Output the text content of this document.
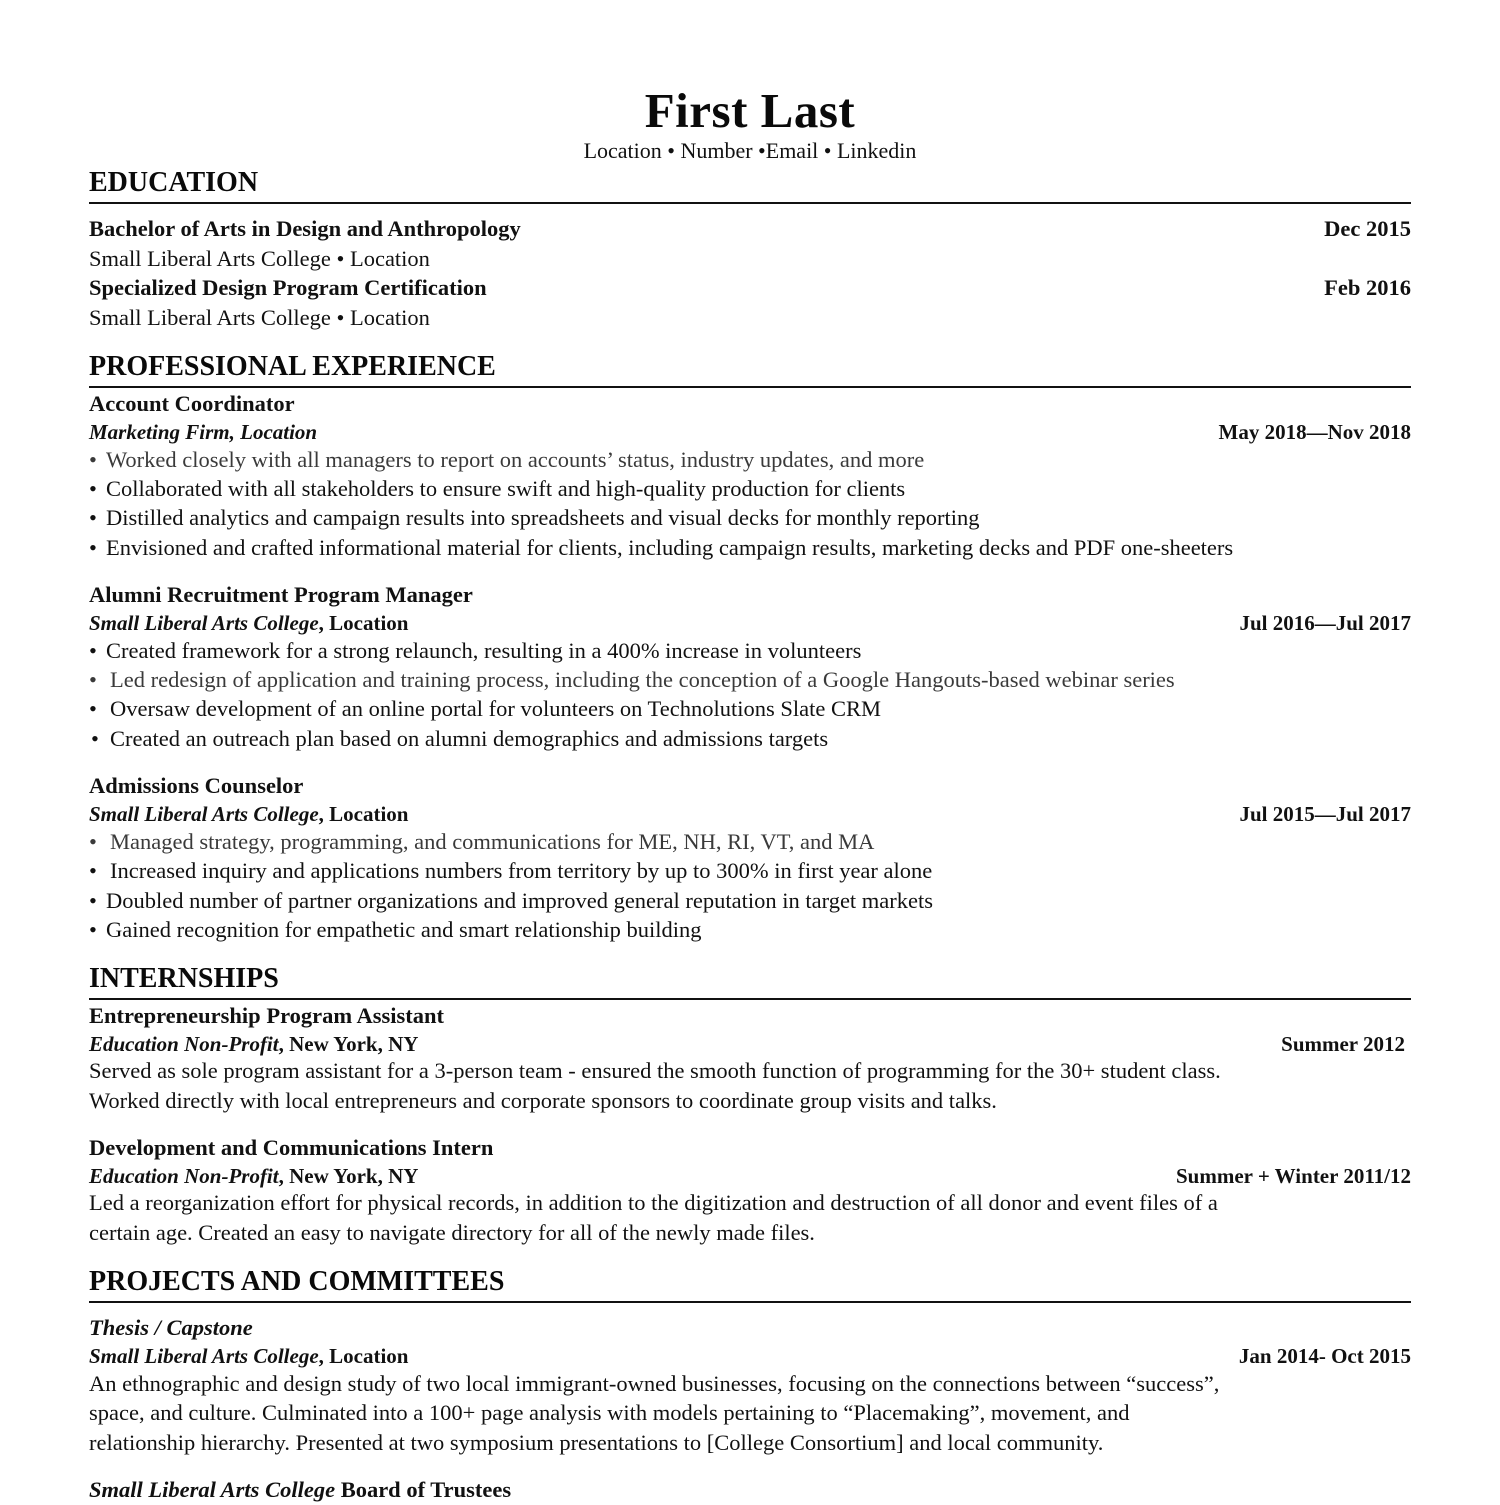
First Last
Location • Number •Email • Linkedin
EDUCATION
Bachelor of Arts in Design and Anthropology	Dec 2015
Small Liberal Arts College • Location
Specialized Design Program Certification	Feb 2016
Small Liberal Arts College • Location
PROFESSIONAL EXPERIENCE
Account Coordinator
Marketing Firm, Location	May 2018—Nov 2018
• Worked closely with all managers to report on accounts’ status, industry updates, and more
• Collaborated with all stakeholders to ensure swift and high-quality production for clients
• Distilled analytics and campaign results into spreadsheets and visual decks for monthly reporting
• Envisioned and crafted informational material for clients, including campaign results, marketing decks and PDF one-sheeters
Alumni Recruitment Program Manager
Small Liberal Arts College, Location	Jul 2016—Jul 2017
• Created framework for a strong relaunch, resulting in a 400% increase in volunteers
• Led redesign of application and training process, including the conception of a Google Hangouts-based webinar series
• Oversaw development of an online portal for volunteers on Technolutions Slate CRM
• Created an outreach plan based on alumni demographics and admissions targets
Admissions Counselor
Small Liberal Arts College, Location	Jul 2015—Jul 2017
• Managed strategy, programming, and communications for ME, NH, RI, VT, and MA
• Increased inquiry and applications numbers from territory by up to 300% in first year alone
• Doubled number of partner organizations and improved general reputation in target markets
• Gained recognition for empathetic and smart relationship building
INTERNSHIPS
Entrepreneurship Program Assistant
Education Non-Profit, New York, NY	Summer 2012
Served as sole program assistant for a 3-person team - ensured the smooth function of programming for the 30+ student class.
Worked directly with local entrepreneurs and corporate sponsors to coordinate group visits and talks.
Development and Communications Intern
Education Non-Profit, New York, NY	Summer + Winter 2011/12
Led a reorganization effort for physical records, in addition to the digitization and destruction of all donor and event files of a
certain age. Created an easy to navigate directory for all of the newly made files.
PROJECTS AND COMMITTEES
Thesis / Capstone
Small Liberal Arts College, Location	Jan 2014- Oct 2015
An ethnographic and design study of two local immigrant-owned businesses, focusing on the connections between “success”,
space, and culture. Culminated into a 100+ page analysis with models pertaining to “Placemaking”, movement, and
relationship hierarchy. Presented at two symposium presentations to [College Consortium] and local community.
Small Liberal Arts College Board of Trustees
